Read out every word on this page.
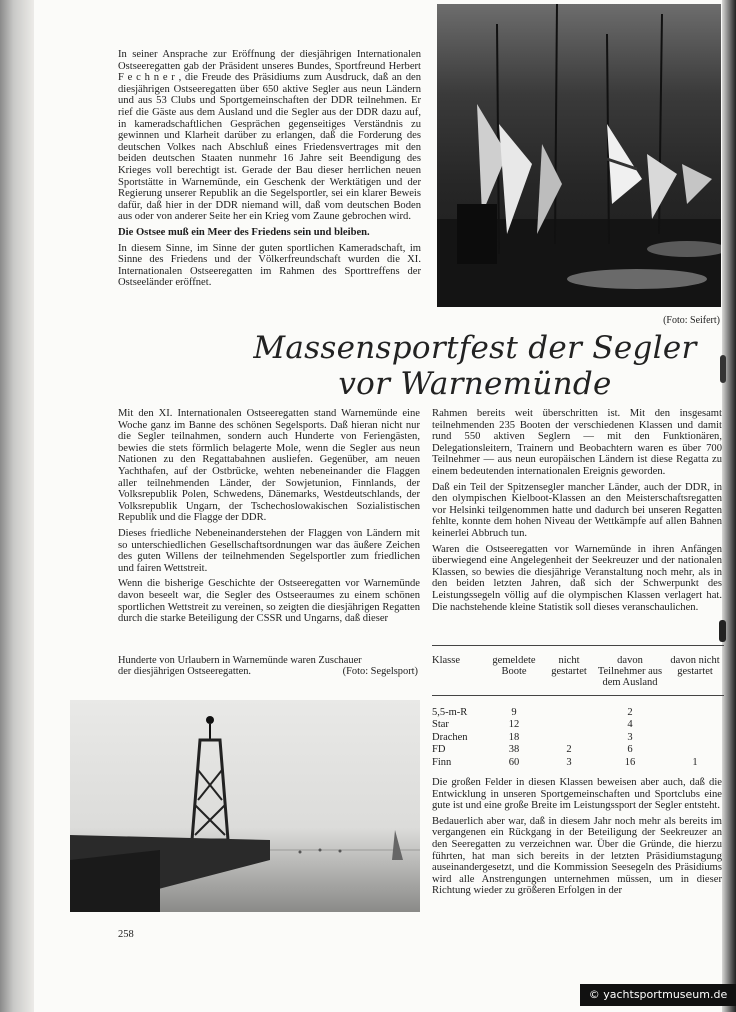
In seiner Ansprache zur Eröffnung der diesjährigen Internationalen Ostseeregatten gab der Präsident unseres Bundes, Sportfreund Herbert F e c h n e r , die Freude des Präsidiums zum Ausdruck, daß an den diesjährigen Ostseeregatten über 650 aktive Segler aus neun Ländern und aus 53 Clubs und Sportgemeinschaften der DDR teilnehmen. Er rief die Gäste aus dem Ausland und die Segler aus der DDR dazu auf, in kameradschaftlichen Gesprächen gegenseitiges Verständnis zu gewinnen und Klarheit darüber zu erlangen, daß die Forderung des deutschen Volkes nach Abschluß eines Friedensvertrages mit den beiden deutschen Staaten nunmehr 16 Jahre seit Beendigung des Krieges voll berechtigt ist. Gerade der Bau dieser herrlichen neuen Sportstätte in Warnemünde, ein Geschenk der Werktätigen und der Regierung unserer Republik an die Segelsportler, sei ein klarer Beweis dafür, daß hier in der DDR niemand will, daß vom deutschen Boden aus oder von anderer Seite her ein Krieg vom Zaune gebrochen wird.

Die Ostsee muß ein Meer des Friedens sein und bleiben.

In diesem Sinne, im Sinne der guten sportlichen Kameradschaft, im Sinne des Friedens und der Völkerfreundschaft wurden die XI. Internationalen Ostseeregatten im Rahmen des Sporttreffens der Ostseeländer eröffnet.

(Foto: Seifert)
Massensportfest der Segler
vor Warnemünde

Mit den XI. Internationalen Ostseeregatten stand Warnemünde eine Woche ganz im Banne des schönen Segelsports. Daß hieran nicht nur die Segler teilnahmen, sondern auch Hunderte von Feriengästen, bewies die stets förmlich belagerte Mole, wenn die Segler aus neun Nationen zu den Regattabahnen ausliefen. Gegenüber, am neuen Yachthafen, auf der Ostbrücke, wehten nebeneinander die Flaggen aller teilnehmenden Länder, der Sowjetunion, Finnlands, der Volksrepublik Polen, Schwedens, Dänemarks, Westdeutschlands, der Volksrepublik Ungarn, der Tschechoslowakischen Sozialistischen Republik und die Flagge der DDR.

Dieses friedliche Nebeneinanderstehen der Flaggen von Ländern mit so unterschiedlichen Gesellschaftsordnungen war das äußere Zeichen des guten Willens der teilnehmenden Segelsportler zum friedlichen und fairen Wettstreit.

Wenn die bisherige Geschichte der Ostseeregatten vor Warnemünde davon beseelt war, die Segler des Ostseeraumes zu einem schönen sportlichen Wettstreit zu vereinen, so zeigten die diesjährigen Regatten durch die starke Beteiligung der CSSR und Ungarns, daß dieser

Hunderte von Urlaubern in Warnemünde waren Zuschauer
der diesjährigen Ostseeregatten.	(Foto: Segelsport)

Rahmen bereits weit überschritten ist. Mit den insgesamt teilnehmenden 235 Booten der verschiedenen Klassen und damit rund 550 aktiven Seglern — mit den Funktionären, Delegationsleitern, Trainern und Beobachtern waren es über 700 Teilnehmer — aus neun europäischen Ländern ist diese Regatta zu einem bedeutenden internationalen Ereignis geworden.

Daß ein Teil der Spitzensegler mancher Länder, auch der DDR, in den olympischen Kielboot-Klassen an den Meisterschaftsregatten vor Helsinki teilgenommen hatte und dadurch bei unseren Regatten fehlte, konnte dem hohen Niveau der Wettkämpfe auf allen Bahnen keinerlei Abbruch tun.

Waren die Ostseeregatten vor Warnemünde in ihren Anfängen überwiegend eine Angelegenheit der Seekreuzer und der nationalen Klassen, so bewies die diesjährige Veranstaltung noch mehr, als in den beiden letzten Jahren, daß sich der Schwerpunkt des Leistungssegeln völlig auf die olympischen Klassen verlagert hat. Die nachstehende kleine Statistik soll dieses veranschaulichen.

Klasse	gemeldete Boote	nicht gestartet	davon Teilnehmer aus dem Ausland	davon nicht gestartet
5,5-m-R	9		2	
Star	12		4	
Drachen	18		3	
FD	38	2	6	
Finn	60	3	16	1

Die großen Felder in diesen Klassen beweisen aber auch, daß die Entwicklung in unseren Sportgemeinschaften und Sportclubs eine gute ist und eine große Breite im Leistungssport der Segler entsteht.

Bedauerlich aber war, daß in diesem Jahr noch mehr als bereits im vergangenen ein Rückgang in der Beteiligung der Seekreuzer an den Seeregatten zu verzeichnen war. Über die Gründe, die hierzu führten, hat man sich bereits in der letzten Präsidiumstagung auseinandergesetzt, und die Kommission Seesegeln des Präsidiums wird alle Anstrengungen unternehmen müssen, um in dieser Richtung wieder zu größeren Erfolgen in der

258
© yachtsportmuseum.de
